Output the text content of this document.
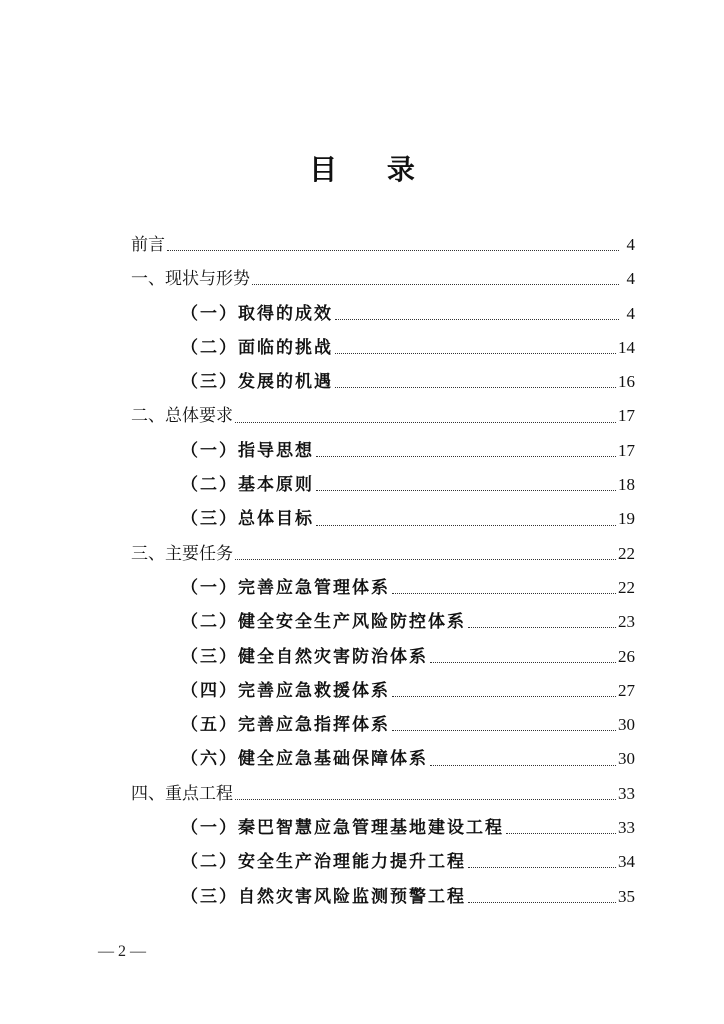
目 录
前言	4
一、现状与形势	4
（一）取得的成效	4
（二）面临的挑战	14
（三）发展的机遇	16
二、总体要求	17
（一）指导思想	17
（二）基本原则	18
（三）总体目标	19
三、主要任务	22
（一）完善应急管理体系	22
（二）健全安全生产风险防控体系	23
（三）健全自然灾害防治体系	26
（四）完善应急救援体系	27
（五）完善应急指挥体系	30
（六）健全应急基础保障体系	30
四、重点工程	33
（一）秦巴智慧应急管理基地建设工程	33
（二）安全生产治理能力提升工程	34
（三）自然灾害风险监测预警工程	35
— 2 —
